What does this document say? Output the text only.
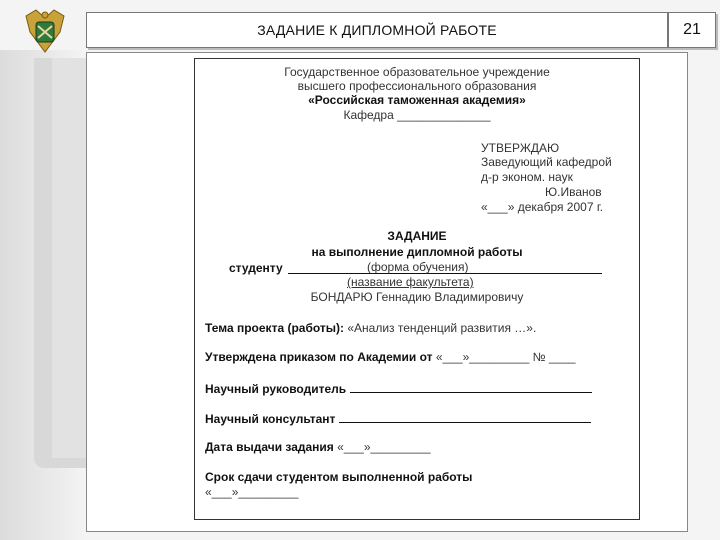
ЗАДАНИЕ К ДИПЛОМНОЙ РАБОТЕ	21
Государственное образовательное учреждение
высшего профессионального образования
«Российская таможенная академия»
Кафедра ______________
УТВЕРЖДАЮ
Заведующий кафедрой
д-р эконом. наук
Ю.Иванов
«___» декабря 2007 г.
ЗАДАНИЕ
на выполнение дипломной работы
студенту	(форма обучения)
(название факультета)
БОНДАРЮ Геннадию Владимировичу
Тема проекта (работы): «Анализ тенденций развития …».
Утверждена приказом по Академии от «___»_________ № ____
Научный руководитель
Научный консультант
Дата выдачи задания «___»_________
Срок сдачи студентом выполненной работы
«___»_________
